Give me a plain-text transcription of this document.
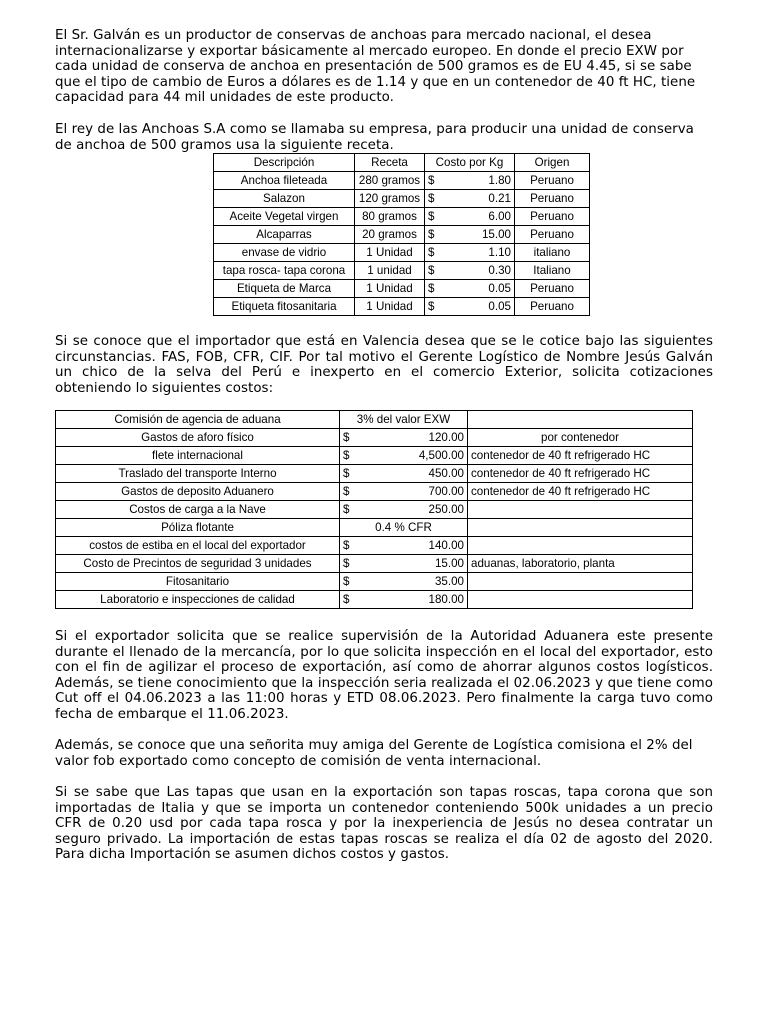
El Sr. Galván es un productor de conservas de anchoas para mercado nacional, el desea internacionalizarse y exportar básicamente al mercado europeo. En donde el precio EXW por cada unidad de conserva de anchoa en presentación de 500 gramos es de EU 4.45, si se sabe que el tipo de cambio de Euros a dólares es de 1.14 y que en un contenedor de 40 ft HC, tiene capacidad para 44 mil unidades de este producto.

El rey de las Anchoas S.A como se llamaba su empresa, para producir una unidad de conserva de anchoa de 500 gramos usa la siguiente receta.

Descripción	Receta	Costo por Kg	Origen
Anchoa fileteada	280 gramos	$ 1.80	Peruano
Salazon	120 gramos	$ 0.21	Peruano
Aceite Vegetal virgen	80 gramos	$ 6.00	Peruano
Alcaparras	20 gramos	$ 15.00	Peruano
envase de vidrio	1 Unidad	$ 1.10	italiano
tapa rosca- tapa corona	1 unidad	$ 0.30	Italiano
Etiqueta de Marca	1 Unidad	$ 0.05	Peruano
Etiqueta fitosanitaria	1 Unidad	$ 0.05	Peruano

Si se conoce que el importador que está en Valencia desea que se le cotice bajo las siguientes circunstancias. FAS, FOB, CFR, CIF. Por tal motivo el Gerente Logístico de Nombre Jesús Galván un chico de la selva del Perú e inexperto en el comercio Exterior, solicita cotizaciones obteniendo lo siguientes costos:

Comisión de agencia de aduana	3% del valor EXW	
Gastos de aforo físico	$ 120.00	por contenedor
flete internacional	$ 4,500.00	contenedor de 40 ft refrigerado HC
Traslado del transporte Interno	$ 450.00	contenedor de 40 ft refrigerado HC
Gastos de deposito Aduanero	$ 700.00	contenedor de 40 ft refrigerado HC
Costos de carga a la Nave	$ 250.00	

Póliza flotante	0.4 % CFR	
costos de estiba en el local del exportador	$ 140.00	

Costo de Precintos de seguridad 3 unidades	$ 15.00	aduanas, laboratorio, planta
Fitosanitario	$ 35.00	

Laboratorio e inspecciones de calidad	$ 180.00	

Si el exportador solicita que se realice supervisión de la Autoridad Aduanera este presente durante el llenado de la mercancía, por lo que solicita inspección en el local del exportador, esto con el fin de agilizar el proceso de exportación, así como de ahorrar algunos costos logísticos. Además, se tiene conocimiento que la inspección seria realizada el 02.06.2023 y que tiene como Cut off el 04.06.2023 a las 11:00 horas y ETD 08.06.2023. Pero finalmente la carga tuvo como fecha de embarque el 11.06.2023.

Además, se conoce que una señorita muy amiga del Gerente de Logística comisiona el 2% del valor fob exportado como concepto de comisión de venta internacional.

Si se sabe que Las tapas que usan en la exportación son tapas roscas, tapa corona que son importadas de Italia y que se importa un contenedor conteniendo 500k unidades a un precio CFR de 0.20 usd por cada tapa rosca y por la inexperiencia de Jesús no desea contratar un seguro privado. La importación de estas tapas roscas se realiza el día 02 de agosto del 2020. Para dicha Importación se asumen dichos costos y gastos.
